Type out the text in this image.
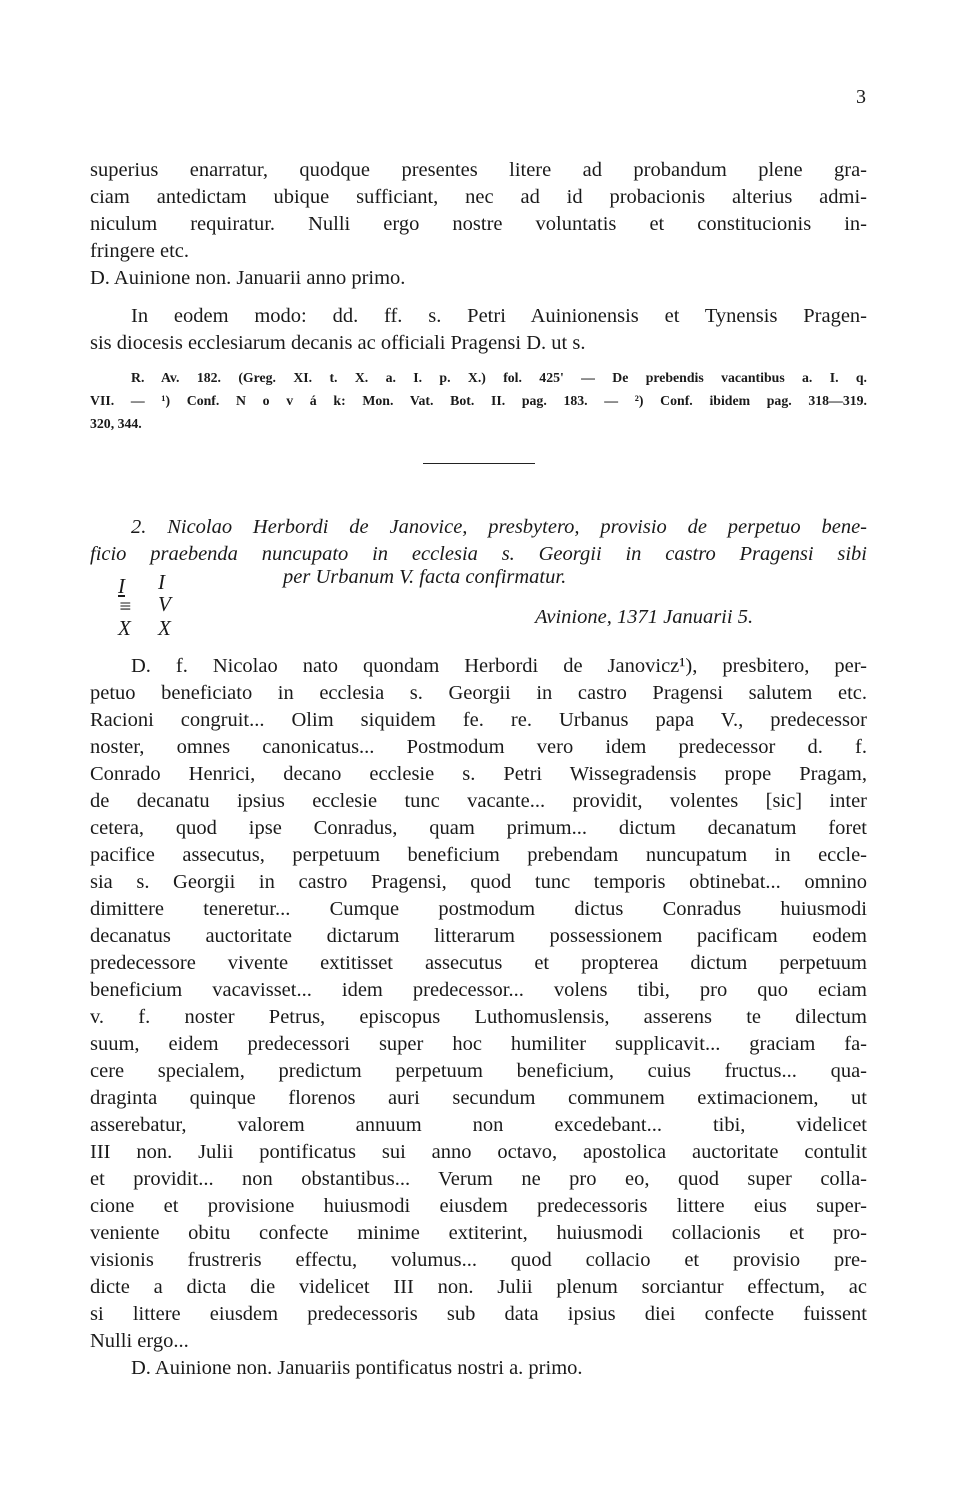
3
superius enarratur, quodque presentes litere ad probandum plene gra-
ciam antedictam ubique sufficiant, nec ad id probacionis alterius admi-
niculum requiratur. Nulli ergo nostre voluntatis et constitucionis in-
fringere etc.
D. Auinione non. Januarii anno primo.
In eodem modo: dd. ff. s. Petri Auinionensis et Tynensis Pragen-
sis diocesis ecclesiarum decanis ac officiali Pragensi D. ut s.
R. Av. 182. (Greg. XI. t. X. a. I. p. X.) fol. 425' — De prebendis vacantibus a. I. q.
VII. — ¹) Conf. N o v á k: Mon. Vat. Bot. II. pag. 183. — ²) Conf. ibidem pag. 318—319.
320, 344.
2. Nicolao Herbordi de Janovice, presbytero, provisio de perpetuo bene-
ficio praebenda nuncupato in ecclesia s. Georgii in castro Pragensi sibi
per Urbanum V. facta confirmatur.
I
≡
X
I
V
X	Avinione, 1371 Januarii 5.
D. f. Nicolao nato quondam Herbordi de Janovicz¹), presbitero, per-
petuo beneficiato in ecclesia s. Georgii in castro Pragensi salutem etc.
Racioni congruit... Olim siquidem fe. re. Urbanus papa V., predecessor
noster, omnes canonicatus... Postmodum vero idem predecessor d. f.
Conrado Henrici, decano ecclesie s. Petri Wissegradensis prope Pragam,
de decanatu ipsius ecclesie tunc vacante... providit, volentes [sic] inter
cetera, quod ipse Conradus, quam primum... dictum decanatum foret
pacifice assecutus, perpetuum beneficium prebendam nuncupatum in eccle-
sia s. Georgii in castro Pragensi, quod tunc temporis obtinebat... omnino
dimittere teneretur... Cumque postmodum dictus Conradus huiusmodi
decanatus auctoritate dictarum litterarum possessionem pacificam eodem
predecessore vivente extitisset assecutus et propterea dictum perpetuum
beneficium vacavisset... idem predecessor... volens tibi, pro quo eciam
v. f. noster Petrus, episcopus Luthomuslensis, asserens te dilectum
suum, eidem predecessori super hoc humiliter supplicavit... graciam fa-
cere specialem, predictum perpetuum beneficium, cuius fructus... qua-
draginta quinque florenos auri secundum communem extimacionem, ut
asserebatur, valorem annuum non excedebant... tibi, videlicet
III non. Julii pontificatus sui anno octavo, apostolica auctoritate contulit
et providit... non obstantibus... Verum ne pro eo, quod super colla-
cione et provisione huiusmodi eiusdem predecessoris littere eius super-
veniente obitu confecte minime extiterint, huiusmodi collacionis et pro-
visionis frustreris effectu, volumus... quod collacio et provisio pre-
dicte a dicta die videlicet III non. Julii plenum sorciantur effectum, ac
si littere eiusdem predecessoris sub data ipsius diei confecte fuissent
Nulli ergo...
D. Auinione non. Januariis pontificatus nostri a. primo.
